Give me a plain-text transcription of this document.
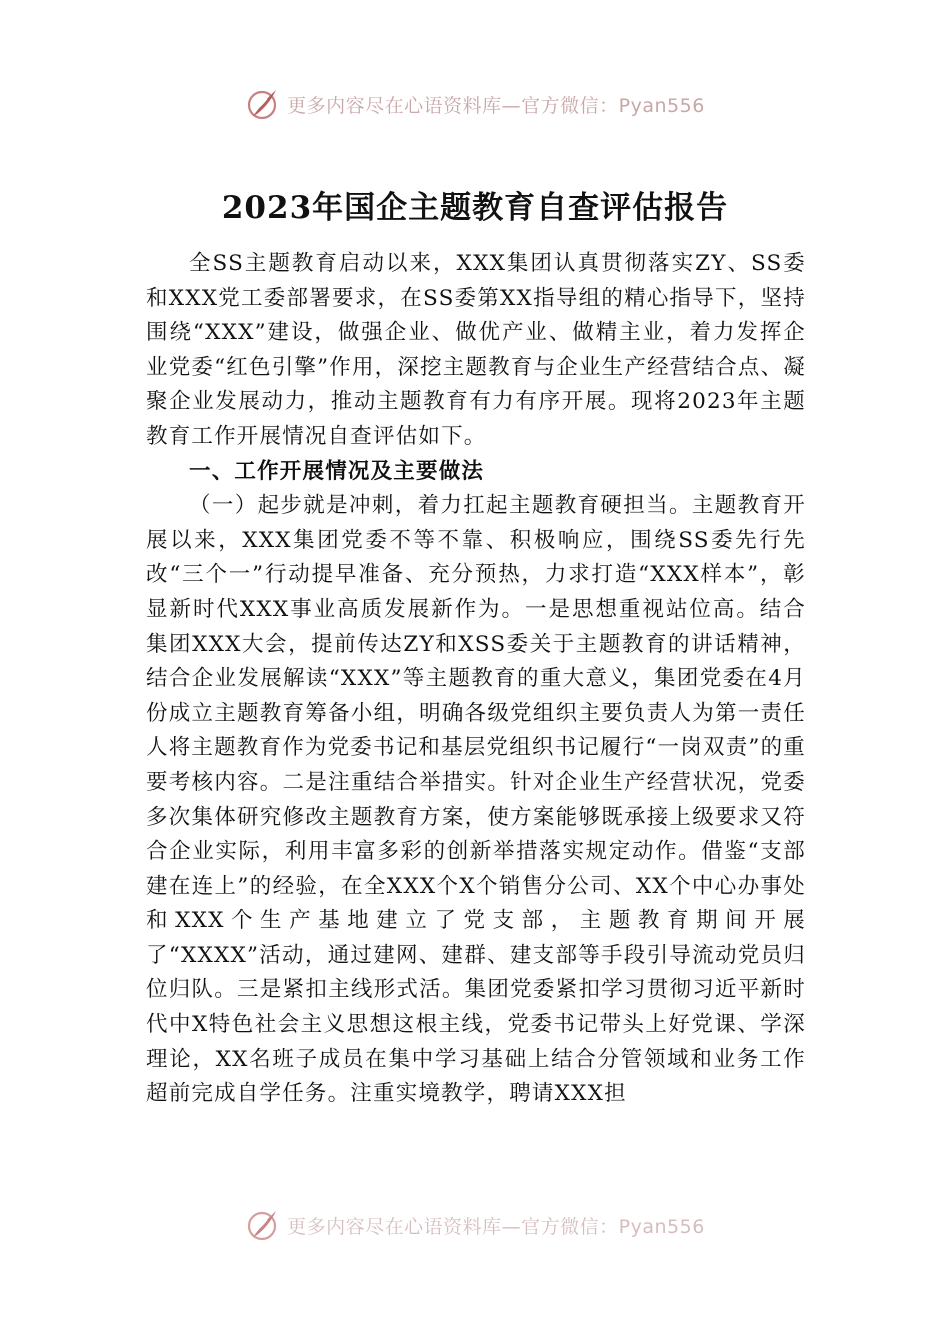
更多内容尽在心语资料库—官方微信：Pyan556
2023年国企主题教育自查评估报告

全SS主题教育启动以来，XXX集团认真贯彻落实ZY、SS委和XXX党工委部署要求，在SS委第XX指导组的精心指导下，坚持围绕“XXX”建设，做强企业、做优产业、做精主业，着力发挥企业党委“红色引擎”作用，深挖主题教育与企业生产经营结合点、凝聚企业发展动力，推动主题教育有力有序开展。现将2023年主题教育工作开展情况自查评估如下。

一、工作开展情况及主要做法

（一）起步就是冲刺，着力扛起主题教育硬担当。主题教育开展以来，XXX集团党委不等不靠、积极响应，围绕SS委先行先改“三个一”行动提早准备、充分预热，力求打造“XXX样本”，彰显新时代XXX事业高质发展新作为。一是思想重视站位高。结合集团XXX大会，提前传达ZY和XSS委关于主题教育的讲话精神，结合企业发展解读“XXX”等主题教育的重大意义，集团党委在4月份成立主题教育筹备小组，明确各级党组织主要负责人为第一责任人将主题教育作为党委书记和基层党组织书记履行“一岗双责”的重要考核内容。二是注重结合举措实。针对企业生产经营状况，党委多次集体研究修改主题教育方案，使方案能够既承接上级要求又符合企业实际，利用丰富多彩的创新举措落实规定动作。借鉴“支部建在连上”的经验，在全XXX个X个销售分公司、XX个中心办事处和XXX个生产基地建立了党支部，主题教育期间开展了“XXXX”活动，通过建网、建群、建支部等手段引导流动党员归位归队。三是紧扣主线形式活。集团党委紧扣学习贯彻习近平新时代中X特色社会主义思想这根主线，党委书记带头上好党课、学深理论，XX名班子成员在集中学习基础上结合分管领域和业务工作超前完成自学任务。注重实境教学，聘请XXX担

更多内容尽在心语资料库—官方微信：Pyan556
